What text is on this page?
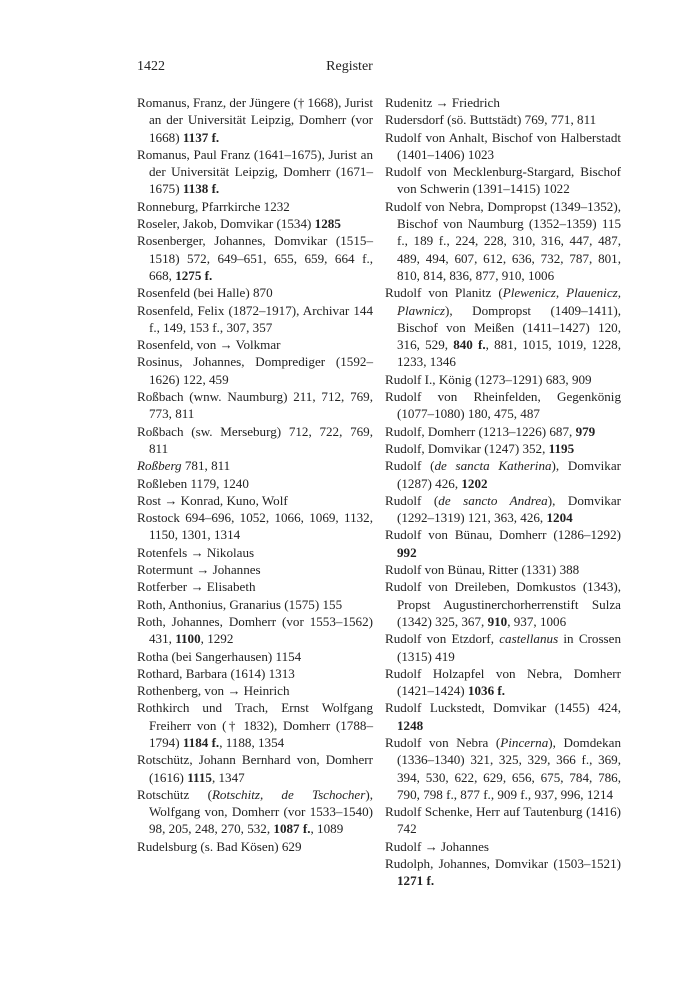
1422	Register

Romanus, Franz, der Jüngere († 1668), Jurist an der Universität Leipzig, Domherr (vor 1668) 1137 f.

Romanus, Paul Franz (1641–1675), Jurist an der Universität Leipzig, Domherr (1671–1675) 1138 f.

Ronneburg, Pfarrkirche 1232

Roseler, Jakob, Domvikar (1534) 1285

Rosenberger, Johannes, Domvikar (1515–1518) 572, 649–651, 655, 659, 664 f., 668, 1275 f.

Rosenfeld (bei Halle) 870

Rosenfeld, Felix (1872–1917), Archivar 144 f., 149, 153 f., 307, 357

Rosenfeld, von → Volkmar

Rosinus, Johannes, Domprediger (1592–1626) 122, 459

Roßbach (wnw. Naumburg) 211, 712, 769, 773, 811

Roßbach (sw. Merseburg) 712, 722, 769, 811

Roßberg 781, 811

Roßleben 1179, 1240

Rost → Konrad, Kuno, Wolf

Rostock 694–696, 1052, 1066, 1069, 1132, 1150, 1301, 1314

Rotenfels → Nikolaus

Rotermunt → Johannes

Rotferber → Elisabeth

Roth, Anthonius, Granarius (1575) 155

Roth, Johannes, Domherr (vor 1553–1562) 431, 1100, 1292

Rotha (bei Sangerhausen) 1154

Rothard, Barbara (1614) 1313

Rothenberg, von → Heinrich

Rothkirch und Trach, Ernst Wolfgang Freiherr von († 1832), Domherr (1788–1794) 1184 f., 1188, 1354

Rotschütz, Johann Bernhard von, Domherr (1616) 1115, 1347

Rotschütz (Rotschitz, de Tschocher), Wolfgang von, Domherr (vor 1533–1540) 98, 205, 248, 270, 532, 1087 f., 1089

Rudelsburg (s. Bad Kösen) 629

Rudenitz → Friedrich

Rudersdorf (sö. Buttstädt) 769, 771, 811

Rudolf von Anhalt, Bischof von Halberstadt (1401–1406) 1023

Rudolf von Mecklenburg-Stargard, Bischof von Schwerin (1391–1415) 1022

Rudolf von Nebra, Dompropst (1349–1352), Bischof von Naumburg (1352–1359) 115 f., 189 f., 224, 228, 310, 316, 447, 487, 489, 494, 607, 612, 636, 732, 787, 801, 810, 814, 836, 877, 910, 1006

Rudolf von Planitz (Plewenicz, Plauenicz, Plawnicz), Dompropst (1409–1411), Bischof von Meißen (1411–1427) 120, 316, 529, 840 f., 881, 1015, 1019, 1228, 1233, 1346

Rudolf I., König (1273–1291) 683, 909

Rudolf von Rheinfelden, Gegenkönig (1077–1080) 180, 475, 487

Rudolf, Domherr (1213–1226) 687, 979

Rudolf, Domvikar (1247) 352, 1195

Rudolf (de sancta Katherina), Domvikar (1287) 426, 1202

Rudolf (de sancto Andrea), Domvikar (1292–1319) 121, 363, 426, 1204

Rudolf von Bünau, Domherr (1286–1292) 992

Rudolf von Bünau, Ritter (1331) 388

Rudolf von Dreileben, Domkustos (1343), Propst Augustinerchorherrenstift Sulza (1342) 325, 367, 910, 937, 1006

Rudolf von Etzdorf, castellanus in Crossen (1315) 419

Rudolf Holzapfel von Nebra, Domherr (1421–1424) 1036 f.

Rudolf Luckstedt, Domvikar (1455) 424, 1248

Rudolf von Nebra (Pincerna), Domdekan (1336–1340) 321, 325, 329, 366 f., 369, 394, 530, 622, 629, 656, 675, 784, 786, 790, 798 f., 877 f., 909 f., 937, 996, 1214

Rudolf Schenke, Herr auf Tautenburg (1416) 742

Rudolf → Johannes

Rudolph, Johannes, Domvikar (1503–1521) 1271 f.
